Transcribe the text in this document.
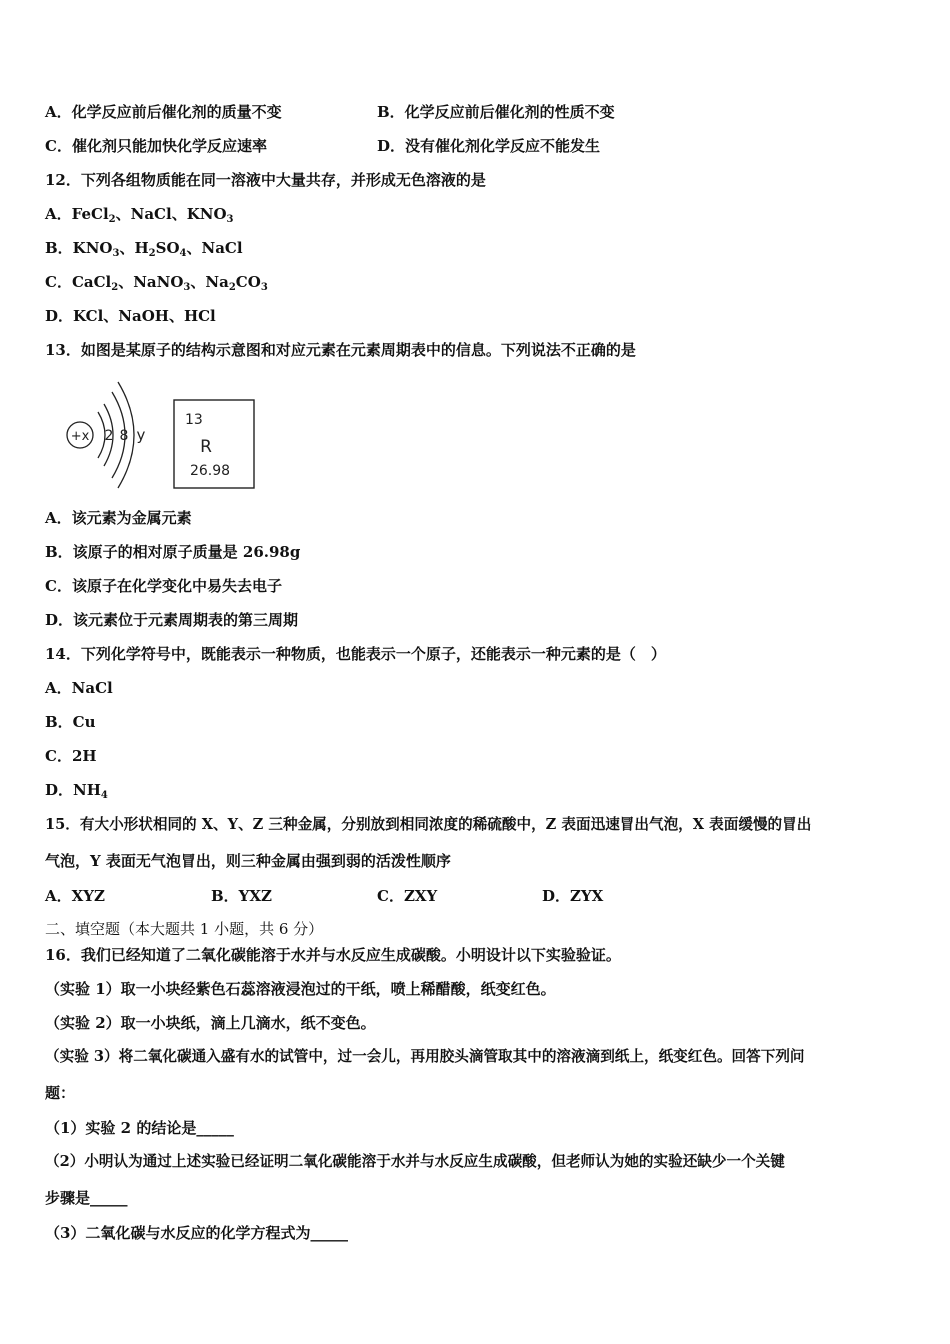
A．化学反应前后催化剂的质量不变	B．化学反应前后催化剂的性质不变
C．催化剂只能加快化学反应速率	D．没有催化剂化学反应不能发生
12．下列各组物质能在同一溶液中大量共存，并形成无色溶液的是
A．FeCl$_2$、NaCl、$KNO_3$
B．$KNO_3$、$H_2SO_4$、NaCl
C．CaCl$_2$、NaNO$_3$、$Na_2CO_3$
D．KCl、NaOH、HCl
13．如图是某原子的结构示意图和对应元素在元素周期表中的信息。下列说法不正确的是
+x 2 8 y
13
R
26.98
A．该元素为金属元素
B．该原子的相对原子质量是 26.98g
C．该原子在化学变化中易失去电子
D．该元素位于元素周期表的第三周期
14．下列化学符号中，既能表示一种物质，也能表示一个原子，还能表示一种元素的是（　）
A．NaCl
B．Cu
C．2H
D．$NH_4$
15．有大小形状相同的 X、Y、Z 三种金属，分别放到相同浓度的稀硫酸中，Z 表面迅速冒出气泡，X 表面缓慢的冒出
气泡，Y 表面无气泡冒出，则三种金属由强到弱的活泼性顺序
A．XYZ	B．YXZ	C．ZXY	D．ZYX
二、填空题（本大题共 1 小题，共 6 分）
16．我们已经知道了二氧化碳能溶于水并与水反应生成碳酸。小明设计以下实验验证。
（实验 1）取一小块经紫色石蕊溶液浸泡过的干纸，喷上稀醋酸，纸变红色。
（实验 2）取一小块纸，滴上几滴水，纸不变色。
（实验 3）将二氧化碳通入盛有水的试管中，过一会儿，再用胶头滴管取其中的溶液滴到纸上，纸变红色。回答下列问
题：
（1）实验 2 的结论是_____
（2）小明认为通过上述实验已经证明二氧化碳能溶于水并与水反应生成碳酸，但老师认为她的实验还缺少一个关键
步骤是_____
（3）二氧化碳与水反应的化学方程式为_____
